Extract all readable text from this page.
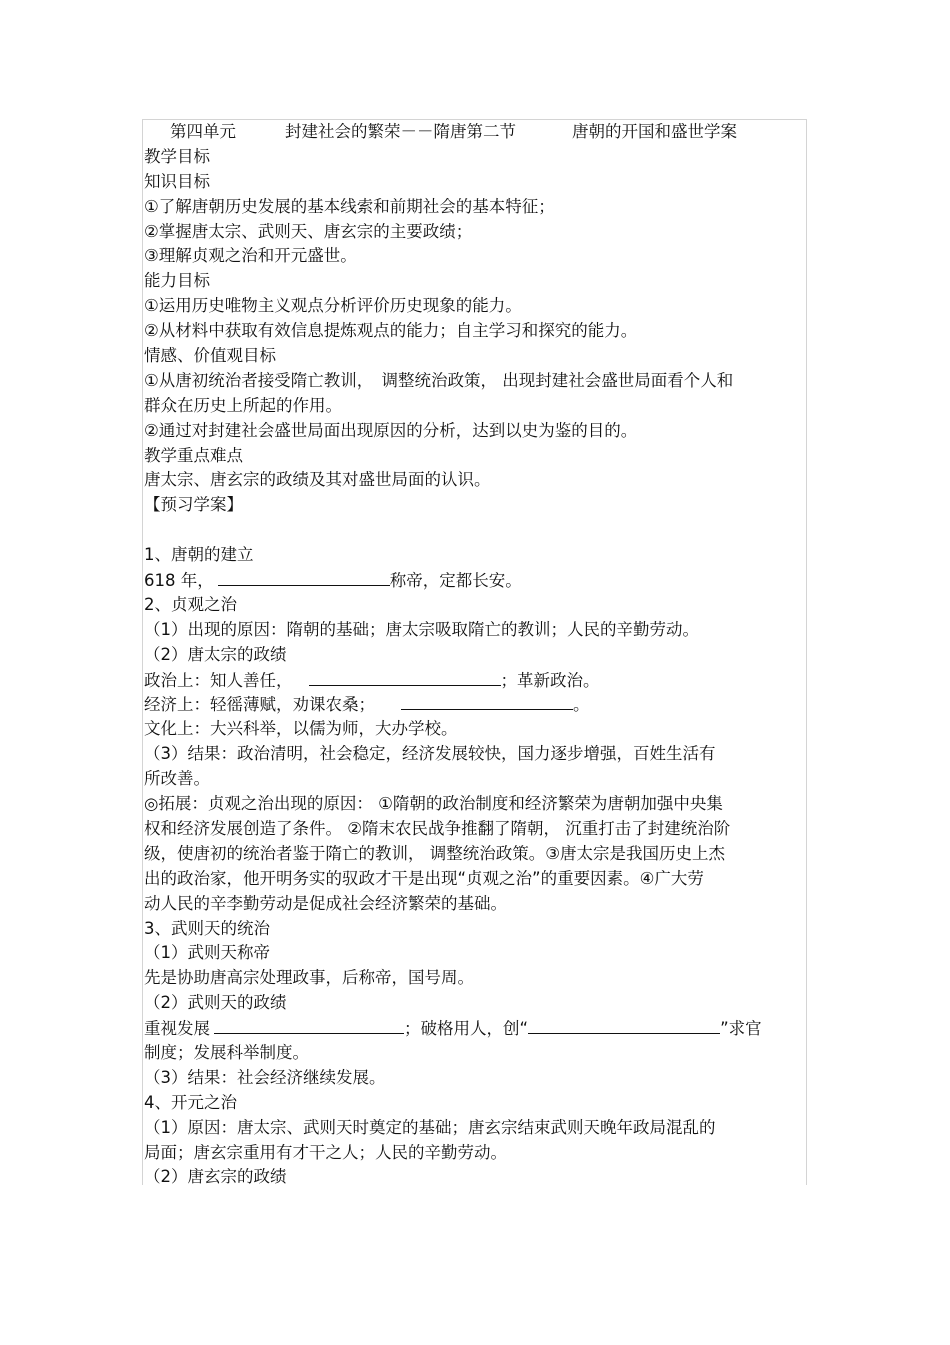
第四单元	封建社会的繁荣－－隋唐第二节	唐朝的开国和盛世学案
教学目标
知识目标
①了解唐朝历史发展的基本线索和前期社会的基本特征；
②掌握唐太宗、武则天、唐玄宗的主要政绩；
③理解贞观之治和开元盛世。
能力目标
①运用历史唯物主义观点分析评价历史现象的能力。
②从材料中获取有效信息提炼观点的能力；自主学习和探究的能力。
情感、价值观目标
①从唐初统治者接受隋亡教训，　调整统治政策， 出现封建社会盛世局面看个人和
群众在历史上所起的作用。
②通过对封建社会盛世局面出现原因的分析，达到以史为鉴的目的。
教学重点难点
唐太宗、唐玄宗的政绩及其对盛世局面的认识。
【预习学案】
1、唐朝的建立
618 年，	称帝，定都长安。
2、贞观之治
（1）出现的原因：隋朝的基础；唐太宗吸取隋亡的教训；人民的辛勤劳动。
（2）唐太宗的政绩
政治上：知人善任，	；革新政治。
经济上：轻徭薄赋，劝课农桑；	。
文化上：大兴科举，以儒为师，大办学校。
（3）结果：政治清明，社会稳定，经济发展较快，国力逐步增强，百姓生活有
所改善。
◎拓展：贞观之治出现的原因： ①隋朝的政治制度和经济繁荣为唐朝加强中央集
权和经济发展创造了条件。 ②隋末农民战争推翻了隋朝， 沉重打击了封建统治阶
级，使唐初的统治者鉴于隋亡的教训， 调整统治政策。③唐太宗是我国历史上杰
出的政治家，他开明务实的驭政才干是出现“贞观之治”的重要因素。④广大劳
动人民的辛李勤劳动是促成社会经济繁荣的基础。
3、武则天的统治
（1）武则天称帝
先是协助唐高宗处理政事，后称帝，国号周。
（2）武则天的政绩
重视发展	；破格用人，创“	”求官
制度；发展科举制度。
（3）结果：社会经济继续发展。
4、开元之治
（1）原因：唐太宗、武则天时奠定的基础；唐玄宗结束武则天晚年政局混乱的
局面；唐玄宗重用有才干之人；人民的辛勤劳动。
（2）唐玄宗的政绩
